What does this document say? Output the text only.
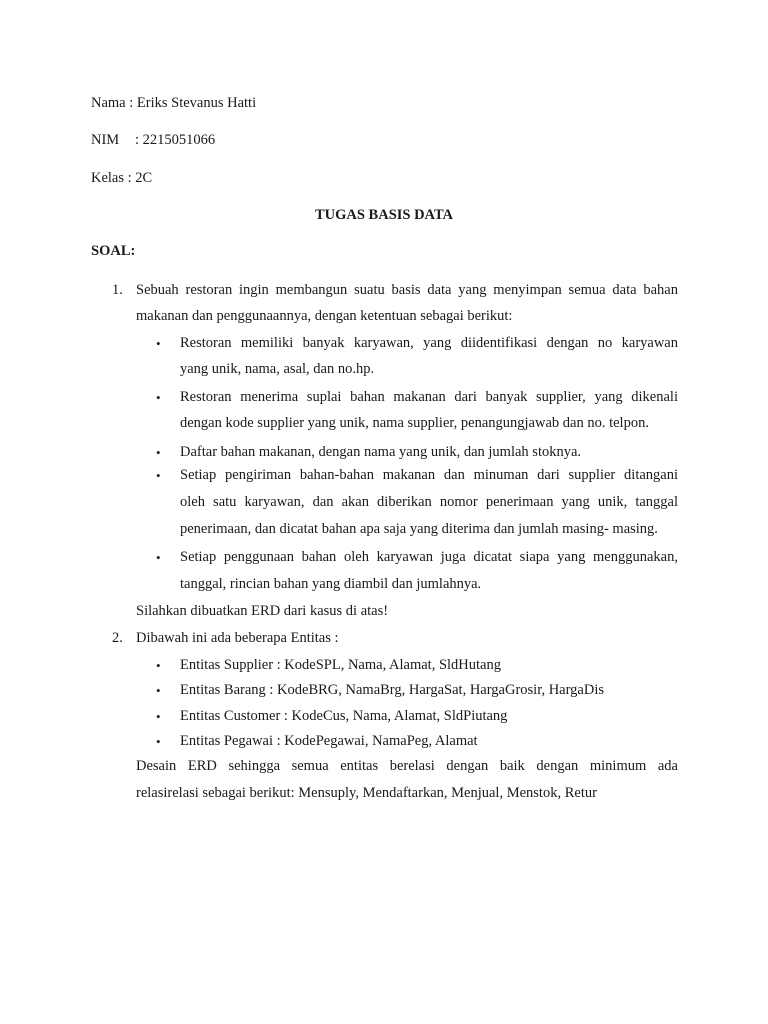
Nama : Eriks Stevanus Hatti
NIM : 2215051066
Kelas : 2C
TUGAS BASIS DATA
SOAL:
1. Sebuah restoran ingin membangun suatu basis data yang menyimpan semua data bahan
makanan dan penggunaannya, dengan ketentuan sebagai berikut:
• Restoran memiliki banyak karyawan, yang diidentifikasi dengan no karyawan
yang unik, nama, asal, dan no.hp.
• Restoran menerima suplai bahan makanan dari banyak supplier, yang dikenali
dengan kode supplier yang unik, nama supplier, penangungjawab dan no. telpon.
• Daftar bahan makanan, dengan nama yang unik, dan jumlah stoknya.
• Setiap pengiriman bahan-bahan makanan dan minuman dari supplier ditangani
oleh satu karyawan, dan akan diberikan nomor penerimaan yang unik, tanggal
penerimaan, dan dicatat bahan apa saja yang diterima dan jumlah masing- masing.
• Setiap penggunaan bahan oleh karyawan juga dicatat siapa yang menggunakan,
tanggal, rincian bahan yang diambil dan jumlahnya.
Silahkan dibuatkan ERD dari kasus di atas!
2. Dibawah ini ada beberapa Entitas :
• Entitas Supplier : KodeSPL, Nama, Alamat, SldHutang
• Entitas Barang : KodeBRG, NamaBrg, HargaSat, HargaGrosir, HargaDis
• Entitas Customer : KodeCus, Nama, Alamat, SldPiutang
• Entitas Pegawai : KodePegawai, NamaPeg, Alamat
Desain ERD sehingga semua entitas berelasi dengan baik dengan minimum ada
relasirelasi sebagai berikut: Mensuply, Mendaftarkan, Menjual, Menstok, Retur
